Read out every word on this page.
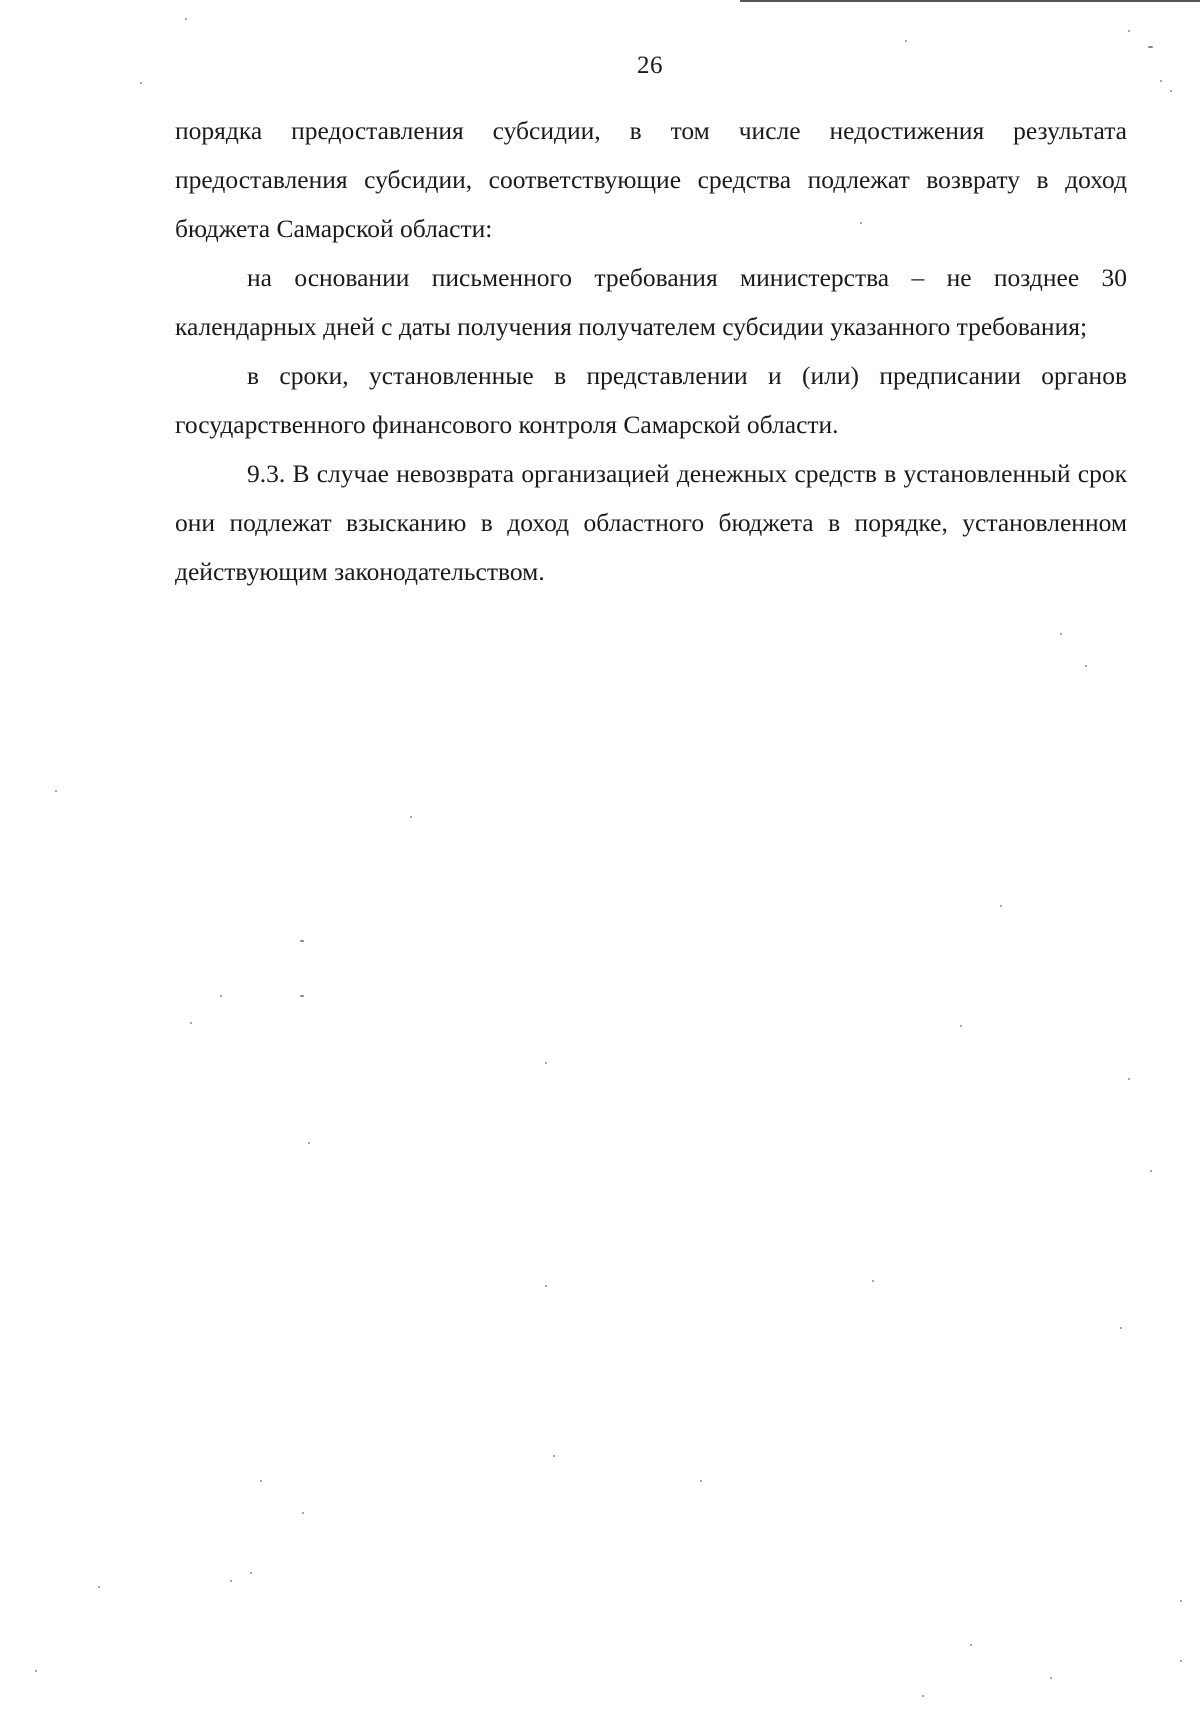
26

порядка предоставления субсидии, в том числе недостижения результата предоставления субсидии, соответствующие средства подлежат возврату в доход бюджета Самарской области:

на основании письменного требования министерства – не позднее 30 календарных дней с даты получения получателем субсидии указанного требования;

в сроки, установленные в представлении и (или) предписании органов государственного финансового контроля Самарской области.

9.3. В случае невозврата организацией денежных средств в установленный срок они подлежат взысканию в доход областного бюджета в порядке, установленном действующим законодательством.
